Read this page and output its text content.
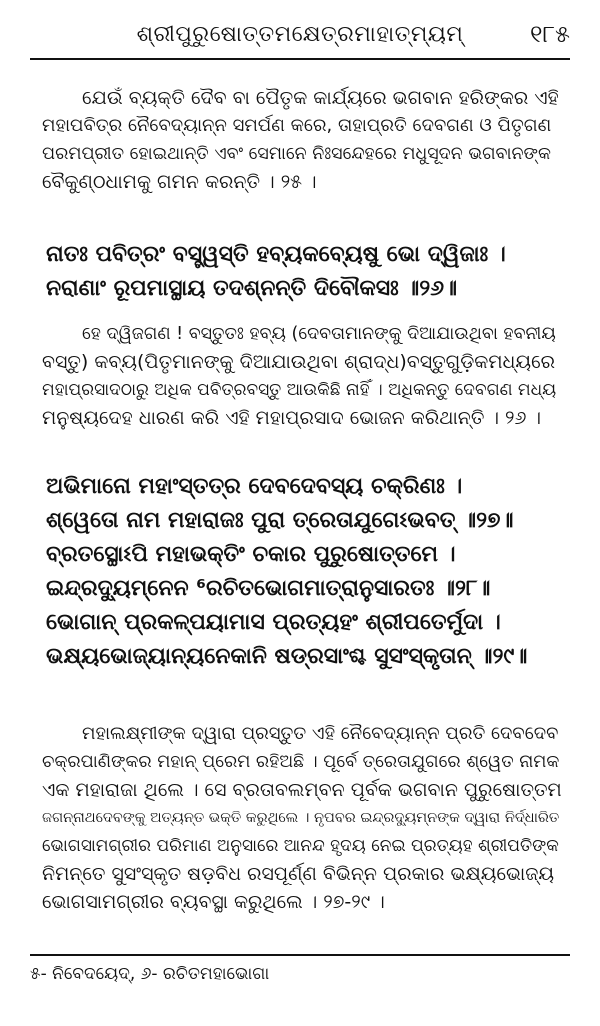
ଶ୍ରୀପୁରୁଷୋତ୍ତମକ୍ଷେତ୍ରମାହାତ୍ମ୍ୟମ୍	୧୮୫
ଯେଉଁ ବ୍ୟକ୍ତି ଦୈବ ବା ପୈତୃକ କାର୍ଯ୍ୟରେ ଭଗବାନ ହରିଙ୍କର ଏହି
ମହାପବିତ୍ର ନୈବେଦ୍ୟାନ୍ନ ସମର୍ପଣ କରେ, ତାହାପ୍ରତି ଦେବଗଣ ଓ ପିତୃଗଣ
ପରମପ୍ରୀତ ହୋଇଥାନ୍ତି ଏବଂ ସେମାନେ ନିଃସନ୍ଦେହରେ ମଧୁସୂଦନ ଭଗବାନଙ୍କ
ବୈକୁଣ୍ଠଧାମକୁ ଗମନ କରନ୍ତି । ୨୫ ।
ନାତଃ ପବିତ୍ରଂ ବସ୍ତ୍ୱସ୍ତି ହବ୍ୟକବ୍ୟେଷୁ ଭୋ ଦ୍ୱିଜାଃ ।
ନରାଣାଂ ରୂପମାସ୍ଥାୟ ତଦଶ୍ନନ୍ତି ଦିବୌକସଃ ॥୨୬॥
ହେ ଦ୍ୱିଜଗଣ ! ବସ୍ତୁତଃ ହବ୍ୟ (ଦେବତାମାନଙ୍କୁ ଦିଆଯାଉଥିବା ହବନୀୟ
ବସ୍ତୁ) କବ୍ୟ(ପିତୃମାନଙ୍କୁ ଦିଆଯାଉଥିବା ଶ୍ରାଦ୍ଧ)ବସ୍ତୁଗୁଡ଼ିକମଧ୍ୟରେ
ମହାପ୍ରସାଦଠାରୁ ଅଧିକ ପବିତ୍ରବସ୍ତୁ ଆଉକିଛି ନାହିଁ । ଅଧିକନ୍ତୁ ଦେବଗଣ ମଧ୍ୟ
ମନୁଷ୍ୟଦେହ ଧାରଣ କରି ଏହି ମହାପ୍ରସାଦ ଭୋଜନ କରିଥାନ୍ତି । ୨୬ ।
ଅଭିମାନୋ ମହାଂସ୍ତତ୍ର ଦେବଦେବସ୍ୟ ଚକ୍ରିଣଃ ।
ଶ୍ୱେତୋ ନାମ ମହାରାଜଃ ପୁରା ତ୍ରେତାଯୁଗେଽଭବତ୍ ॥୨୭॥
ବ୍ରତସ୍ଥୋଽପି ମହାଭକ୍ତିଂ ଚକାର ପୁରୁଷୋତ୍ତମେ ।
ଇନ୍ଦ୍ରଦ୍ୟୁମ୍ନେନ ⁶ରଚିତଭୋଗମାତ୍ରାନୁସାରତଃ ॥୨୮॥
ଭୋଗାନ୍ ପ୍ରକଳ୍ପୟାମାସ ପ୍ରତ୍ୟହଂ ଶ୍ରୀପତେର୍ମୁଦା ।
ଭକ୍ଷ୍ୟଭୋଜ୍ୟାନ୍ୟନେକାନି ଷଡ୍‌ରସାଂଶ୍ଚ ସୁସଂସ୍କୃତାନ୍ ॥୨୯॥
ମହାଲକ୍ଷ୍ମୀଙ୍କ ଦ୍ୱାରା ପ୍ରସ୍ତୁତ ଏହି ନୈବେଦ୍ୟାନ୍ନ ପ୍ରତି ଦେବଦେବ
ଚକ୍ରପାଣିଙ୍କର ମହାନ୍ ପ୍ରେମ ରହିଅଛି । ପୂର୍ବେ ତ୍ରେତାଯୁଗରେ ଶ୍ୱେତ ନାମକ
ଏକ ମହାରାଜା ଥିଲେ । ସେ ବ୍ରତାବଲମ୍ବନ ପୂର୍ବକ ଭଗବାନ ପୁରୁଷୋତ୍ତମ
ଜଗନ୍ନାଥଦେବଙ୍କୁ ଅତ୍ୟନ୍ତ ଭକ୍ତି କରୁଥିଲେ । ନୃପବର ଇନ୍ଦ୍ରଦ୍ୟୁମ୍ନଙ୍କ ଦ୍ୱାରା ନିର୍ଦ୍ଧାରିତ
ଭୋଗସାମଗ୍ରୀର ପରିମାଣ ଅନୁସାରେ ଆନନ୍ଦ ହୃଦୟ ନେଇ ପ୍ରତ୍ୟହ ଶ୍ରୀପତିଙ୍କ
ନିମନ୍ତେ ସୁସଂସ୍କୃତ ଷଡ଼ବିଧ ରସପୂର୍ଣ୍ଣ ବିଭିନ୍ନ ପ୍ରକାର ଭକ୍ଷ୍ୟଭୋଜ୍ୟ
ଭୋଗସାମଗ୍ରୀର ବ୍ୟବସ୍ଥା କରୁଥିଲେ । ୨୭-୨୯ ।
୫- ନିବେଦୟେଦ୍, ୬- ରଚିତମହାଭୋଗା
